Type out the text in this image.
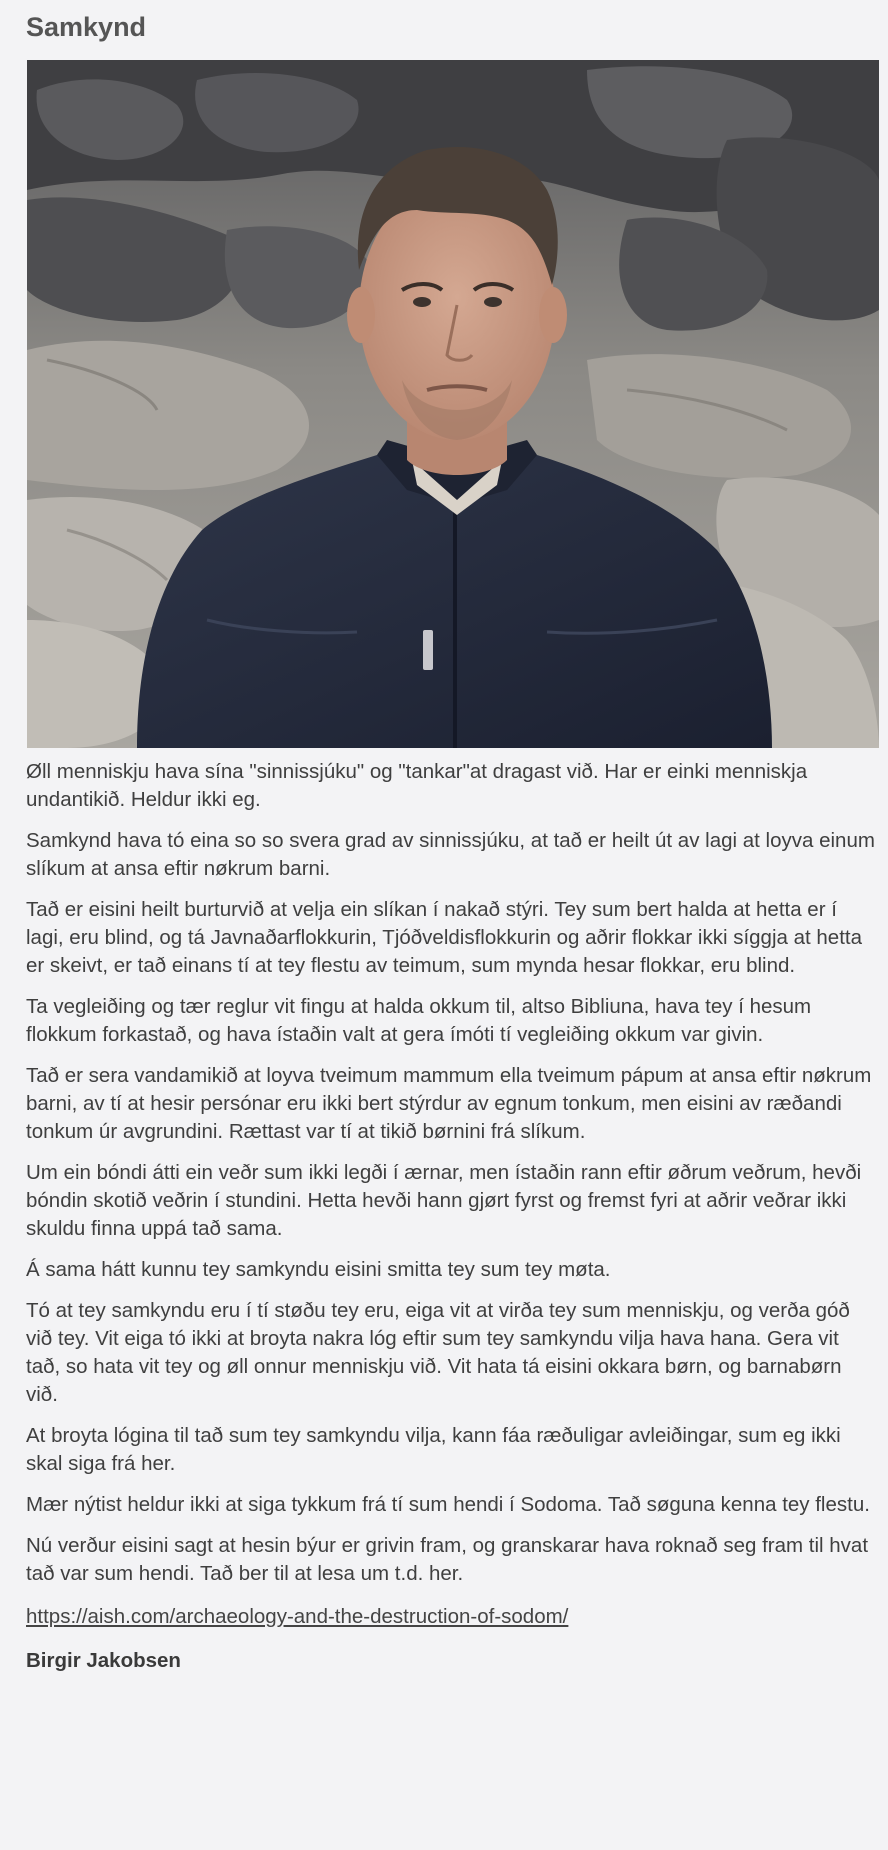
Samkynd

Øll menniskju hava sína "sinnissjúku" og "tankar"at dragast við. Har er einki menniskja undantikið. Heldur ikki eg.

Samkynd hava tó eina so so svera grad av sinnissjúku, at tað er heilt út av lagi at loyva einum slíkum at ansa eftir nøkrum barni.

Tað er eisini heilt burturvið at velja ein slíkan í nakað stýri. Tey sum bert halda at hetta er í lagi, eru blind, og tá Javnaðarflokkurin, Tjóðveldisflokkurin og aðrir flokkar ikki síggja at hetta er skeivt, er tað einans tí at tey flestu av teimum, sum mynda hesar flokkar, eru blind.

Ta vegleiðing og tær reglur vit fingu at halda okkum til, altso Bibliuna, hava tey í hesum flokkum forkastað, og hava ístaðin valt at gera ímóti tí vegleiðing okkum var givin.

Tað er sera vandamikið at loyva tveimum mammum ella tveimum pápum at ansa eftir nøkrum barni, av tí at hesir persónar eru ikki bert stýrdur av egnum tonkum, men eisini av ræðandi tonkum úr avgrundini. Rættast var tí at tikið børnini frá slíkum.

Um ein bóndi átti ein veðr sum ikki legði í ærnar, men ístaðin rann eftir øðrum veðrum, hevði bóndin skotið veðrin í stundini. Hetta hevði hann gjørt fyrst og fremst fyri at aðrir veðrar ikki skuldu finna uppá tað sama.

Á sama hátt kunnu tey samkyndu eisini smitta tey sum tey møta.

Tó at tey samkyndu eru í tí støðu tey eru, eiga vit at virða tey sum menniskju, og verða góð við tey. Vit eiga tó ikki at broyta nakra lóg eftir sum tey samkyndu vilja hava hana. Gera vit tað, so hata vit tey og øll onnur menniskju við. Vit hata tá eisini okkara børn, og barnabørn við.

At broyta lógina til tað sum tey samkyndu vilja, kann fáa ræðuligar avleiðingar, sum eg ikki skal siga frá her.

Mær nýtist heldur ikki at siga tykkum frá tí sum hendi í Sodoma. Tað søguna kenna tey flestu.

Nú verður eisini sagt at hesin býur er grivin fram, og granskarar hava roknað seg fram til hvat tað var sum hendi. Tað ber til at lesa um t.d. her.

https://aish.com/archaeology-and-the-destruction-of-sodom/
Birgir Jakobsen
